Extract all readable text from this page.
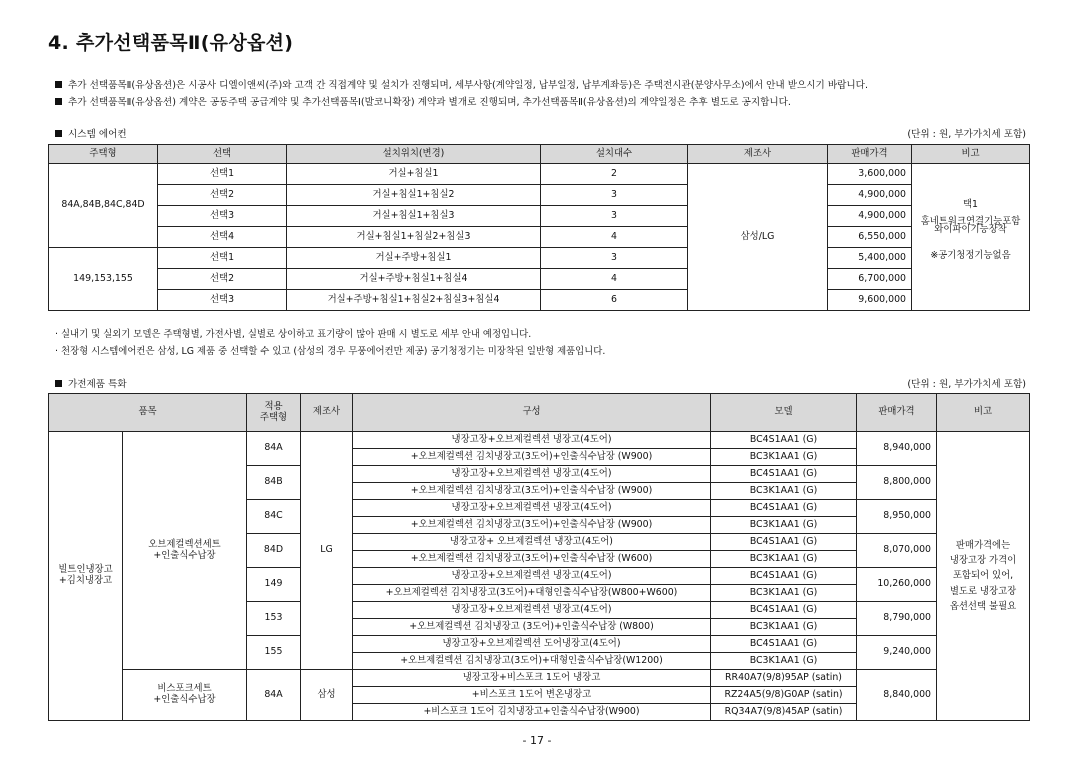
4. 추가선택품목Ⅱ(유상옵션)
추가 선택품목Ⅱ(유상옵션)은 시공사 디엘이앤씨(주)와 고객 간 직접계약 및 설치가 진행되며, 세부사항(계약일정, 납부일정, 납부계좌등)은 주택전시관(분양사무소)에서 안내 받으시기 바랍니다.
추가 선택품목Ⅱ(유상옵션) 계약은 공동주택 공급계약 및 추가선택품목Ⅰ(발코니확장) 계약과 별개로 진행되며, 추가선택품목Ⅱ(유상옵션)의 계약일정은 추후 별도로 공지합니다.
시스템 에어컨	(단위 : 원, 부가가치세 포함)
주택형	선택	설치위치(변경)	설치대수	제조사	판매가격	비고
84A,84B,84C,84D	선택1	거실+침실1	2	삼성/LG	3,600,000	택1
홈네트워크연결기능포함
와이파이기능장착
※공기청정기능없음

	선택2	거실+침실1+침실2	3		4,900,000	
	선택3	거실+침실1+침실3	3		4,900,000	
	선택4	거실+침실1+침실2+침실3	4		6,550,000	
149,153,155	선택1	거실+주방+침실1	3		5,400,000	
	선택2	거실+주방+침실1+침실4	4		6,700,000	
	선택3	거실+주방+침실1+침실2+침실3+침실4	6		9,600,000	
· 실내기 및 실외기 모델은 주택형별, 가전사별, 실별로 상이하고 표기량이 많아 판매 시 별도로 세부 안내 예정입니다.
· 천장형 시스템에어컨은 삼성, LG 제품 중 선택할 수 있고 (삼성의 경우 무풍에어컨만 제공) 공기청정기는 미장착된 일반형 제품입니다.
가전제품 특화	(단위 : 원, 부가가치세 포함)
품목		적용
주택형	제조사	구성	모델	판매가격	비고
빌트인냉장고
+김치냉장고	오브제컬렉션세트
+인출식수납장	84A	LG	냉장고장+오브제컬렉션 냉장고(4도어)	BC4S1AA1 (G)	8,940,000	판매가격에는
냉장고장 가격이
포함되어 있어,
별도로 냉장고장
옵션선택 불필요
				+오브제컬렉션 김치냉장고(3도어)+인출식수납장 (W900)	BC3K1AA1 (G)		
		84B		냉장고장+오브제컬렉션 냉장고(4도어)	BC4S1AA1 (G)	8,800,000	
				+오브제컬렉션 김치냉장고(3도어)+인출식수납장 (W900)	BC3K1AA1 (G)		
		84C		냉장고장+오브제컬렉션 냉장고(4도어)	BC4S1AA1 (G)	8,950,000	
				+오브제컬렉션 김치냉장고(3도어)+인출식수납장 (W900)	BC3K1AA1 (G)		
		84D		냉장고장+ 오브제컬렉션 냉장고(4도어)	BC4S1AA1 (G)	8,070,000	
				+오브제컬렉션 김치냉장고(3도어)+인출식수납장 (W600)	BC3K1AA1 (G)		
		149		냉장고장+오브제컬렉션 냉장고(4도어)	BC4S1AA1 (G)	10,260,000	
				+오브제컬렉션 김치냉장고(3도어)+대형인출식수납장(W800+W600)	BC3K1AA1 (G)		
		153		냉장고장+오브제컬렉션 냉장고(4도어)	BC4S1AA1 (G)	8,790,000	
				+오브제컬렉션 김치냉장고 (3도어)+인출식수납장 (W800)	BC3K1AA1 (G)		
		155		냉장고장+오브제컬렉션 도어냉장고(4도어)	BC4S1AA1 (G)	9,240,000	
				+오브제컬렉션 김치냉장고(3도어)+대형인출식수납장(W1200)	BC3K1AA1 (G)		
	비스포크세트
+인출식수납장	84A	삼성	냉장고장+비스포크 1도어 냉장고	RR40A7(9/8)95AP (satin)	8,840,000	
				+비스포크 1도어 변온냉장고	RZ24A5(9/8)G0AP (satin)		
				+비스포크 1도어 김치냉장고+인출식수납장(W900)	RQ34A7(9/8)45AP (satin)		
- 17 -
